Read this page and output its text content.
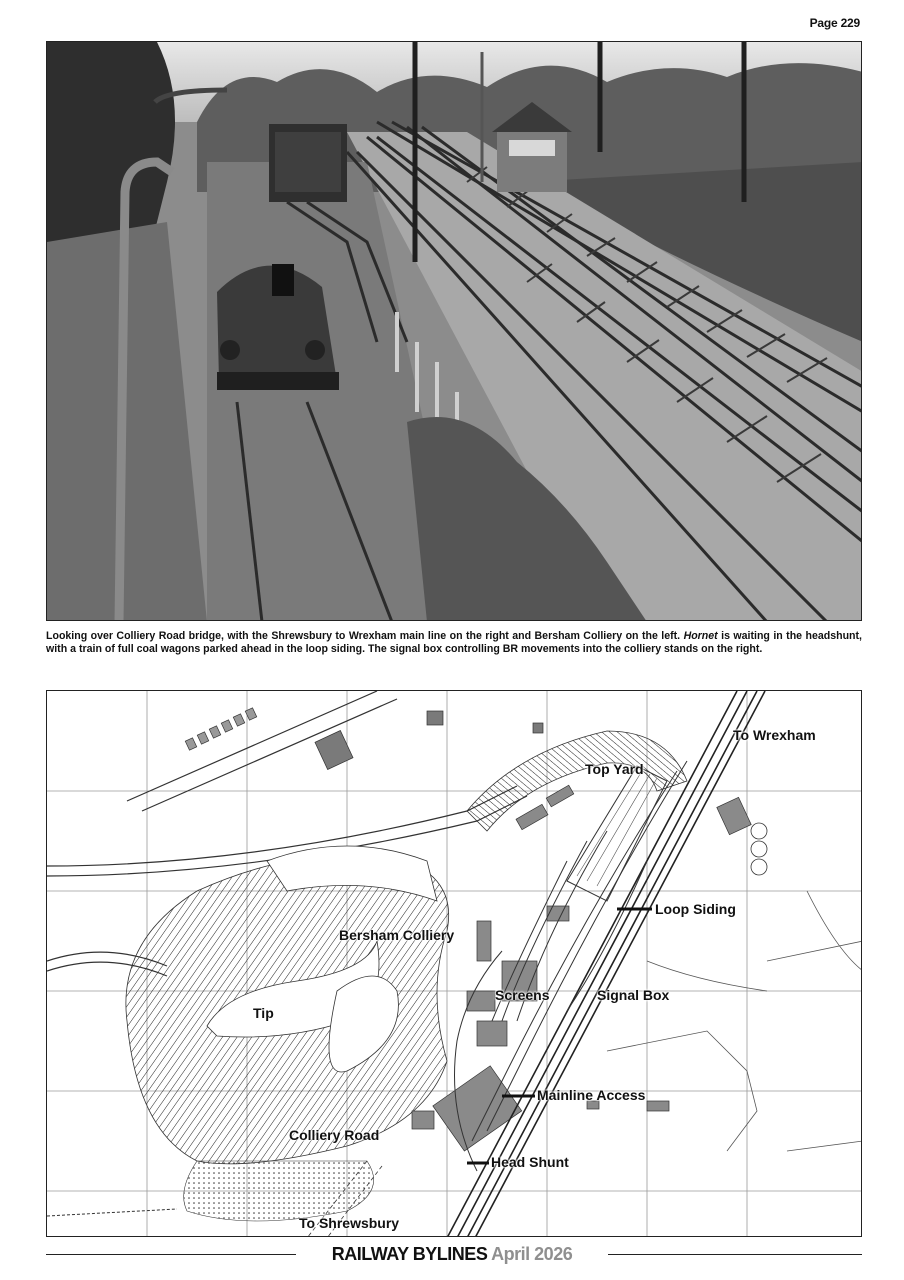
Page 229

Looking over Colliery Road bridge, with the Shrewsbury to Wrexham main line on the right and Bersham Colliery on the left. Hornet is waiting in the headshunt, with a train of full coal wagons parked ahead in the loop siding. The signal box controlling BR movements into the colliery stands on the right.

To Wrexham
Top Yard
Loop Siding
Bersham Colliery
Screens	Signal Box
Tip
Mainline Access
Colliery Road
Head Shunt
To Shrewsbury
RAILWAY BYLINES April 2026
